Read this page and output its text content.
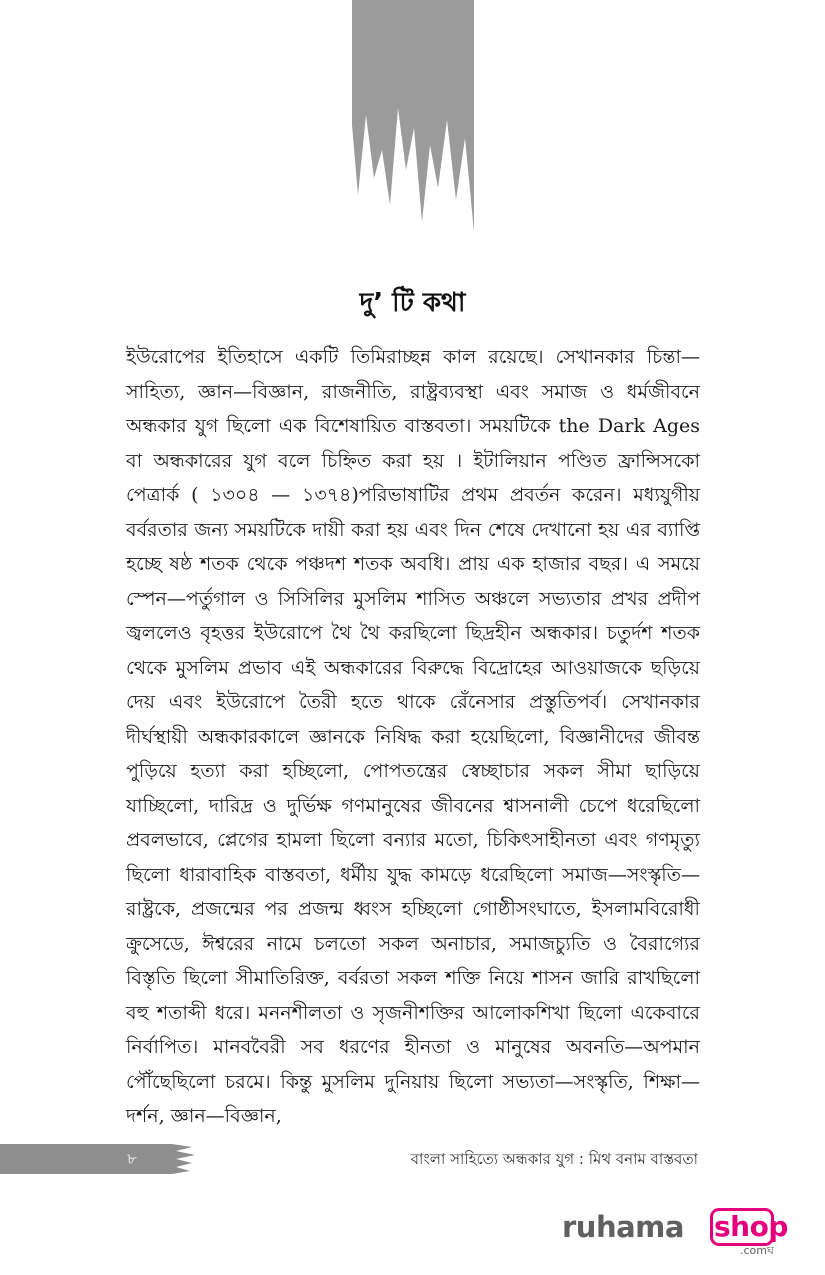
দু’ টি কথা

ইউরোপের ইতিহাসে একটি তিমিরাচ্ছন্ন কাল রয়েছে। সেখানকার চিন্তা—সাহিত্য, জ্ঞান—বিজ্ঞান, রাজনীতি, রাষ্ট্রব্যবস্থা এবং সমাজ ও ধর্মজীবনে অন্ধকার যুগ ছিলো এক বিশেষায়িত বাস্তবতা। সময়টিকে the Dark Ages বা অন্ধকারের যুগ বলে চিহ্নিত করা হয় । ইটালিয়ান পণ্ডিত ফ্রান্সিসকো পেত্রার্ক ( ১৩০৪ — ১৩৭৪)পরিভাষাটির প্রথম প্রবর্তন করেন। মধ্যযুগীয় বর্বরতার জন্য সময়টিকে দায়ী করা হয় এবং দিন শেষে দেখানো হয় এর ব্যাপ্তি হচ্ছে ষষ্ঠ শতক থেকে পঞ্চদশ শতক অবধি। প্রায় এক হাজার বছর। এ সময়ে স্পেন—পর্তুগাল ও সিসিলির মুসলিম শাসিত অঞ্চলে সভ্যতার প্রখর প্রদীপ জ্বললেও বৃহত্তর ইউরোপে থৈ থৈ করছিলো ছিদ্রহীন অন্ধকার। চতুর্দশ শতক থেকে মুসলিম প্রভাব এই অন্ধকারের বিরুদ্ধে বিদ্রোহের আওয়াজকে ছড়িয়ে দেয় এবং ইউরোপে তৈরী হতে থাকে রেঁনেসার প্রস্তুতিপর্ব। সেখানকার দীর্ঘস্থায়ী অন্ধকারকালে জ্ঞানকে নিষিদ্ধ করা হয়েছিলো, বিজ্ঞানীদের জীবন্ত পুড়িয়ে হত্যা করা হচ্ছিলো, পোপতন্ত্রের স্বেচ্ছাচার সকল সীমা ছাড়িয়ে যাচ্ছিলো, দারিদ্র ও দুর্ভিক্ষ গণমানুষের জীবনের শ্বাসনালী চেপে ধরেছিলো প্রবলভাবে, প্লেগের হামলা ছিলো বন্যার মতো, চিকিৎসাহীনতা এবং গণমৃত্যু ছিলো ধারাবাহিক বাস্তবতা, ধর্মীয় যুদ্ধ কামড়ে ধরেছিলো সমাজ—সংস্কৃতি—রাষ্ট্রকে, প্রজন্মের পর প্রজন্ম ধ্বংস হচ্ছিলো গোষ্ঠীসংঘাতে, ইসলামবিরোধী ক্রুসেডে, ঈশ্বরের নামে চলতো সকল অনাচার, সমাজচ্যুতি ও বৈরাগ্যের বিস্তৃতি ছিলো সীমাতিরিক্ত, বর্বরতা সকল শক্তি নিয়ে শাসন জারি রাখছিলো বহু শতাব্দী ধরে। মননশীলতা ও সৃজনীশক্তির আলোকশিখা ছিলো একেবারে নির্বাপিত। মানববৈরী সব ধরণের হীনতা ও মানুষের অবনতি—অপমান পৌঁছেছিলো চরমে। কিন্তু মুসলিম দুনিয়ায় ছিলো সভ্যতা—সংস্কৃতি, শিক্ষা—দর্শন, জ্ঞান—বিজ্ঞান,

৮	বাংলা সাহিত্যে অন্ধকার যুগ : মিথ বনাম বাস্তবতা
ruhama shop
.comঘ
